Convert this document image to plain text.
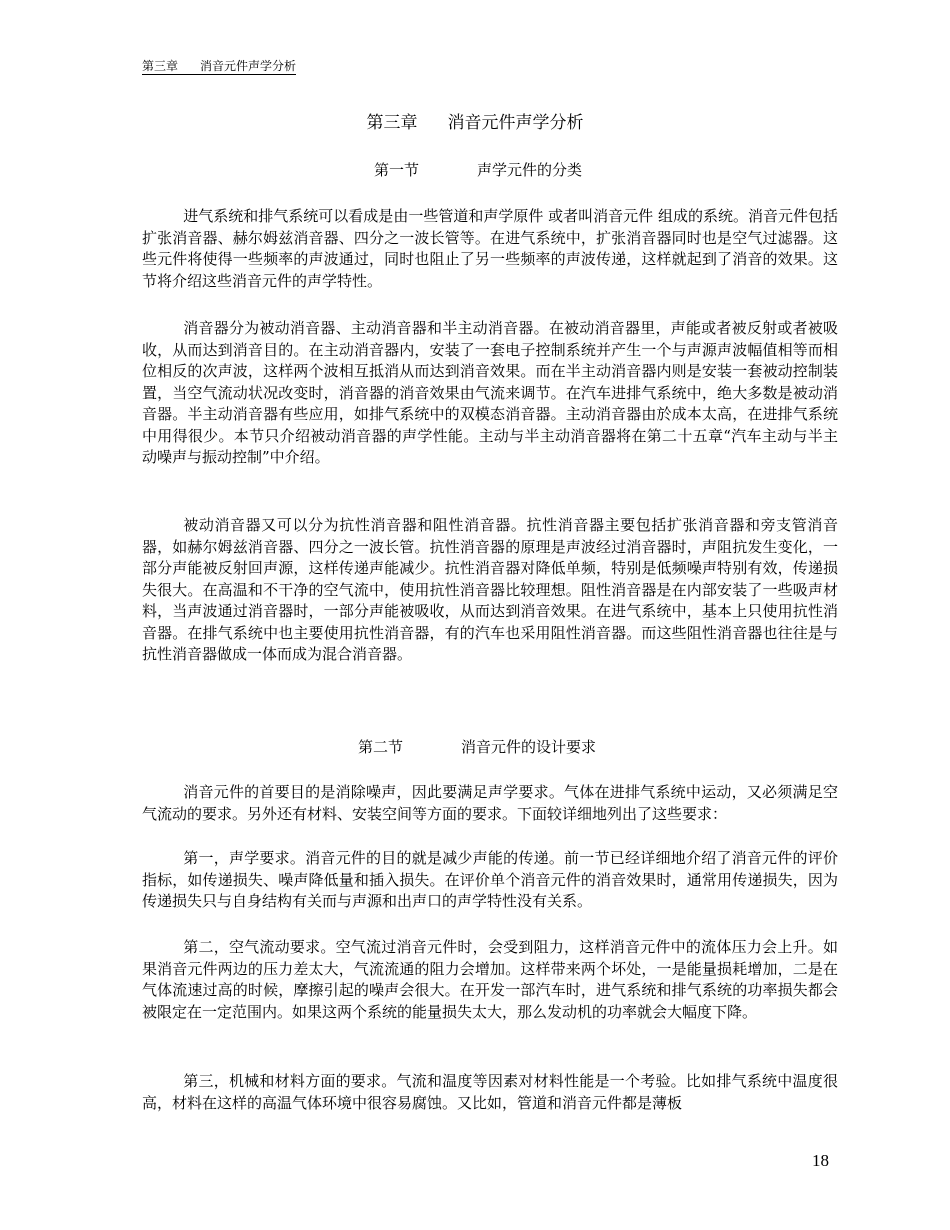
第三章 消音元件声学分析
第三章 消音元件声学分析
第一节	声学元件的分类

进气系统和排气系统可以看成是由一些管道和声学原件 或者叫消音元件 组成的系统。消音元件包括扩张消音器、赫尔姆兹消音器、四分之一波长管等。在进气系统中，扩张消音器同时也是空气过滤器。这些元件将使得一些频率的声波通过，同时也阻止了另一些频率的声波传递，这样就起到了消音的效果。这节将介绍这些消音元件的声学特性。

消音器分为被动消音器、主动消音器和半主动消音器。在被动消音器里，声能或者被反射或者被吸收，从而达到消音目的。在主动消音器内，安装了一套电子控制系统并产生一个与声源声波幅值相等而相位相反的次声波，这样两个波相互抵消从而达到消音效果。而在半主动消音器内则是安装一套被动控制装置，当空气流动状况改变时，消音器的消音效果由气流来调节。在汽车进排气系统中，绝大多数是被动消音器。半主动消音器有些应用，如排气系统中的双模态消音器。主动消音器由於成本太高，在进排气系统中用得很少。本节只介绍被动消音器的声学性能。主动与半主动消音器将在第二十五章“汽车主动与半主动噪声与振动控制”中介绍。

被动消音器又可以分为抗性消音器和阻性消音器。抗性消音器主要包括扩张消音器和旁支管消音器，如赫尔姆兹消音器、四分之一波长管。抗性消音器的原理是声波经过消音器时，声阻抗发生变化，一部分声能被反射回声源，这样传递声能减少。抗性消音器对降低单频，特别是低频噪声特别有效，传递损失很大。在高温和不干净的空气流中，使用抗性消音器比较理想。阻性消音器是在内部安装了一些吸声材料，当声波通过消音器时，一部分声能被吸收，从而达到消音效果。在进气系统中，基本上只使用抗性消音器。在排气系统中也主要使用抗性消音器，有的汽车也采用阻性消音器。而这些阻性消音器也往往是与抗性消音器做成一体而成为混合消音器。

第二节	消音元件的设计要求

消音元件的首要目的是消除噪声，因此要满足声学要求。气体在进排气系统中运动，又必须满足空气流动的要求。另外还有材料、安装空间等方面的要求。下面较详细地列出了这些要求：

第一，声学要求。消音元件的目的就是减少声能的传递。前一节已经详细地介绍了消音元件的评价指标，如传递损失、噪声降低量和插入损失。在评价单个消音元件的消音效果时，通常用传递损失，因为传递损失只与自身结构有关而与声源和出声口的声学特性没有关系。

第二，空气流动要求。空气流过消音元件时，会受到阻力，这样消音元件中的流体压力会上升。如果消音元件两边的压力差太大，气流流通的阻力会增加。这样带来两个坏处，一是能量损耗增加，二是在气体流速过高的时候，摩擦引起的噪声会很大。在开发一部汽车时，进气系统和排气系统的功率损失都会被限定在一定范围内。如果这两个系统的能量损失太大，那么发动机的功率就会大幅度下降。

第三，机械和材料方面的要求。气流和温度等因素对材料性能是一个考验。比如排气系统中温度很高，材料在这样的高温气体环境中很容易腐蚀。又比如，管道和消音元件都是薄板

18
